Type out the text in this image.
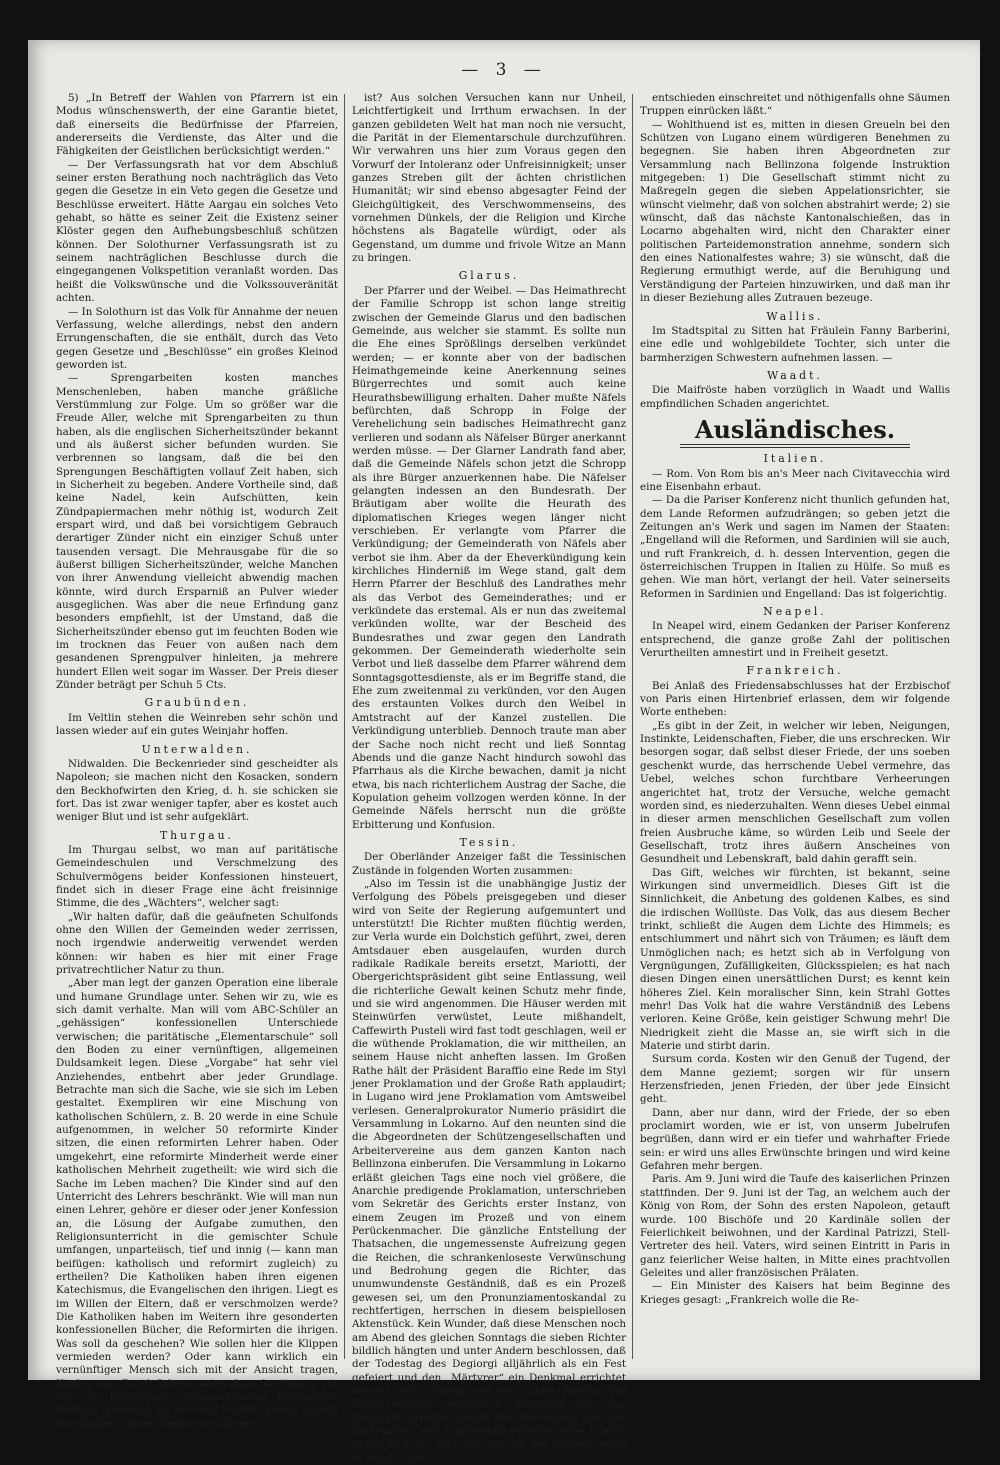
— 3 —

5) „In Betreff der Wahlen von Pfarrern ist ein Modus wünschenswerth, der eine Garantie bietet, daß einerseits die Bedürfnisse der Pfarreien, andererseits die Verdienste, das Alter und die Fähigkeiten der Geistlichen berücksichtigt werden.“

— Der Verfassungsrath hat vor dem Abschluß seiner ersten Berathung noch nachträglich das Veto gegen die Gesetze in ein Veto gegen die Gesetze und Beschlüsse erweitert. Hätte Aargau ein solches Veto gehabt, so hätte es seiner Zeit die Existenz seiner Klöster gegen den Aufhebungsbeschluß schützen können. Der Solothurner Verfassungsrath ist zu seinem nachträglichen Beschlusse durch die eingegangenen Volkspetition veranlaßt worden. Das heißt die Volkswünsche und die Volkssouveränität achten.

— In Solothurn ist das Volk für Annahme der neuen Verfassung, welche allerdings, nebst den andern Errungenschaften, die sie enthält, durch das Veto gegen Gesetze und „Beschlüsse“ ein großes Kleinod geworden ist.

— Sprengarbeiten kosten manches Menschenleben, haben manche gräßliche Verstümmlung zur Folge. Um so größer war die Freude Aller, welche mit Sprengarbeiten zu thun haben, als die englischen Sicherheitszünder bekannt und als äußerst sicher befunden wurden. Sie verbrennen so langsam, daß die bei den Sprengungen Beschäftigten vollauf Zeit haben, sich in Sicherheit zu begeben. Andere Vortheile sind, daß keine Nadel, kein Aufschütten, kein Zündpapiermachen mehr nöthig ist, wodurch Zeit erspart wird, und daß bei vorsichtigem Gebrauch derartiger Zünder nicht ein einziger Schuß unter tausenden versagt. Die Mehrausgabe für die so äußerst billigen Sicherheitszünder, welche Manchen von ihrer Anwendung vielleicht abwendig machen könnte, wird durch Ersparniß an Pulver wieder ausgeglichen. Was aber die neue Erfindung ganz besonders empfiehlt, ist der Umstand, daß die Sicherheitszünder ebenso gut im feuchten Boden wie im trocknen das Feuer von außen nach dem gesandenen Sprengpulver hinleiten, ja mehrere hundert Ellen weit sogar im Wasser. Der Preis dieser Zünder beträgt per Schuh 5 Cts.

Graubünden.

Im Veltlin stehen die Weinreben sehr schön und lassen wieder auf ein gutes Weinjahr hoffen.

Unterwalden.

Nidwalden. Die Beckenrieder sind gescheidter als Napoleon; sie machen nicht den Kosacken, sondern den Beckhofwirten den Krieg, d. h. sie schicken sie fort. Das ist zwar weniger tapfer, aber es kostet auch weniger Blut und ist sehr aufgeklärt.

Thurgau.

Im Thurgau selbst, wo man auf paritätische Gemeindeschulen und Verschmelzung des Schulvermögens beider Konfessionen hinsteuert, findet sich in dieser Frage eine ächt freisinnige Stimme, die des „Wächters“, welcher sagt:

„Wir halten dafür, daß die geäufneten Schulfonds ohne den Willen der Gemeinden weder zerrissen, noch irgendwie anderweitig verwendet werden können: wir haben es hier mit einer Frage privatrechtlicher Natur zu thun.

„Aber man legt der ganzen Operation eine liberale und humane Grundlage unter. Sehen wir zu, wie es sich damit verhalte. Man will vom ABC-Schüler an „gehässigen“ konfessionellen Unterschiede verwischen; die paritätische „Elementarschule“ soll den Boden zu einer vernünftigen, allgemeinen Duldsamkeit legen. Diese „Vorgabe“ hat sehr viel Anziehendes, entbehrt aber jeder Grundlage. Betrachte man sich die Sache, wie sie sich im Leben gestaltet. Exempliren wir eine Mischung von katholischen Schülern, z. B. 20 werde in eine Schule aufgenommen, in welcher 50 reformirte Kinder sitzen, die einen reformirten Lehrer haben. Oder umgekehrt, eine reformirte Minderheit werde einer katholischen Mehrheit zugetheilt: wie wird sich die Sache im Leben machen? Die Kinder sind auf den Unterricht des Lehrers beschränkt. Wie will man nun einen Lehrer, gehöre er dieser oder jener Konfession an, die Lösung der Aufgabe zumuthen, den Religionsunterricht in die gemischter Schule umfangen, unparteiisch, tief und innig (— kann man beifügen: katholisch und reformirt zugleich) zu ertheilen? Die Katholiken haben ihren eigenen Katechismus, die Evangelischen den ihrigen. Liegt es im Willen der Eltern, daß er verschmolzen werde? Die Katholiken haben im Weitern ihre gesonderten konfessionellen Bücher, die Reformirten die ihrigen. Was soll da geschehen? Wie sollen hier die Klippen vermieden werden? Oder kann wirklich ein vernünftiger Mensch sich mit der Ansicht tragen, Kinder von 7—10 Jahren seien dazu bestimmt, mit der die Konfession verschmelzenden Philosophie vertraut gemacht zu werden; Kinder, deren Wissen ein Glauben, deren Denken ein Ahnen

ist? Aus solchen Versuchen kann nur Unheil, Leichtfertigkeit und Irrthum erwachsen. In der ganzen gebildeten Welt hat man noch nie versucht, die Parität in der Elementarschule durchzuführen. Wir verwahren uns hier zum Voraus gegen den Vorwurf der Intoleranz oder Unfreisinnigkeit; unser ganzes Streben gilt der ächten christlichen Humanität; wir sind ebenso abgesagter Feind der Gleichgültigkeit, des Verschwommenseins, des vornehmen Dünkels, der die Religion und Kirche höchstens als Bagatelle würdigt, oder als Gegenstand, um dumme und frivole Witze an Mann zu bringen.

Glarus.

Der Pfarrer und der Weibel. — Das Heimathrecht der Familie Schropp ist schon lange streitig zwischen der Gemeinde Glarus und den badischen Gemeinde, aus welcher sie stammt. Es sollte nun die Ehe eines Sprößlings derselben verkündet werden; — er konnte aber von der badischen Heimathgemeinde keine Anerkennung seines Bürgerrechtes und somit auch keine Heurathsbewilligung erhalten. Daher mußte Näfels befürchten, daß Schropp in Folge der Verehelichung sein badisches Heimathrecht ganz verlieren und sodann als Näfelser Bürger anerkannt werden müsse. — Der Glarner Landrath fand aber, daß die Gemeinde Näfels schon jetzt die Schropp als ihre Bürger anzuerkennen habe. Die Näfelser gelangten indessen an den Bundesrath. Der Bräutigam aber wollte die Heurath des diplomatischen Krieges wegen länger nicht verschieben. Er verlangte vom Pfarrer die Verkündigung; der Gemeinderath von Näfels aber verbot sie ihm. Aber da der Eheverkündigung kein kirchliches Hinderniß im Wege stand, galt dem Herrn Pfarrer der Beschluß des Landrathes mehr als das Verbot des Gemeinderathes; und er verkündete das erstemal. Als er nun das zweitemal verkünden wollte, war der Bescheid des Bundesrathes und zwar gegen den Landrath gekommen. Der Gemeinderath wiederholte sein Verbot und ließ dasselbe dem Pfarrer während dem Sonntagsgottesdienste, als er im Begriffe stand, die Ehe zum zweitenmal zu verkünden, vor den Augen des erstaunten Volkes durch den Weibel in Amtstracht auf der Kanzel zustellen. Die Verkündigung unterblieb. Dennoch traute man aber der Sache noch nicht recht und ließ Sonntag Abends und die ganze Nacht hindurch sowohl das Pfarrhaus als die Kirche bewachen, damit ja nicht etwa, bis nach richterlichem Austrag der Sache, die Kopulation geheim vollzogen werden könne. In der Gemeinde Näfels herrscht nun die größte Erbitterung und Konfusion.

Tessin.

Der Oberländer Anzeiger faßt die Tessinischen Zustände in folgenden Worten zusammen:

„Also im Tessin ist die unabhängige Justiz der Verfolgung des Pöbels preisgegeben und dieser wird von Seite der Regierung aufgemuntert und unterstützt! Die Richter mußten flüchtig werden, zur Verla wurde ein Dolchstich geführt, zwei, deren Amtsdauer eben ausgelaufen, wurden durch radikale Radikale bereits ersetzt, Mariotti, der Obergerichtspräsident gibt seine Entlassung, weil die richterliche Gewalt keinen Schutz mehr finde, und sie wird angenommen. Die Häuser werden mit Steinwürfen verwüstet, Leute mißhandelt, Caffewirth Pusteli wird fast todt geschlagen, weil er die wüthende Proklamation, die wir mittheilen, an seinem Hause nicht anheften lassen. Im Großen Rathe hält der Präsident Baraffio eine Rede im Styl jener Proklamation und der Große Rath applaudirt; in Lugano wird jene Proklamation vom Amtsweibel verlesen. Generalprokurator Numerio präsidirt die Versammlung in Lokarno. Auf den neunten sind die die Abgeordneten der Schützengesellschaften und Arbeitervereine aus dem ganzen Kanton nach Bellinzona einberufen. Die Versammlung in Lokarno erläßt gleichen Tags eine noch viel größere, die Anarchie predigende Proklamation, unterschrieben vom Sekretär des Gerichts erster Instanz, von einem Zeugen im Prozeß und von einem Perückenmacher. Die gänzliche Entstellung der Thatsachen, die ungemessenste Aufreizung gegen die Reichen, die schrankenloseste Verwünschung und Bedrohung gegen die Richter, das unumwundenste Geständniß, daß es ein Prozeß gewesen sei, um den Pronunziamentoskandal zu rechtfertigen, herrschen in diesem beispiellosen Aktenstück. Kein Wunder, daß diese Menschen noch am Abend des gleichen Sonntags die sieben Richter bildlich hängten und unter Andern beschlossen, daß der Todestag des Degiorgi alljährlich als ein Fest gefeiert und den „Märtyrer“ ein Denkmal errichtet werden soll! Zudem wir hier, ohne Zweifel der Bundesbehörde bekannten Vorgänge vor das Publikum bringen, sagen wir deutlicher, daß wir dafürhalten, der Bundesrath verletze seine Pflicht, gefährde seine Stellung und die des Landes, wenn er nicht sofort

entschieden einschreitet und nöthigenfalls ohne Säumen Truppen einrücken läßt.“

— Wohlthuend ist es, mitten in diesen Greueln bei den Schützen von Lugano einem würdigeren Benehmen zu begegnen. Sie haben ihren Abgeordneten zur Versammlung nach Bellinzona folgende Instruktion mitgegeben: 1) Die Gesellschaft stimmt nicht zu Maßregeln gegen die sieben Appelationsrichter, sie wünscht vielmehr, daß von solchen abstrahirt werde; 2) sie wünscht, daß das nächste Kantonalschießen, das in Locarno abgehalten wird, nicht den Charakter einer politischen Parteidemonstration annehme, sondern sich den eines Nationalfestes wahre; 3) sie wünscht, daß die Regierung ermuthigt werde, auf die Beruhigung und Verständigung der Parteien hinzuwirken, und daß man ihr in dieser Beziehung alles Zutrauen bezeuge.

Wallis.

Im Stadtspital zu Sitten hat Fräulein Fanny Barberini, eine edle und wohlgebildete Tochter, sich unter die barmherzigen Schwestern aufnehmen lassen. —

Waadt.

Die Maifröste haben vorzüglich in Waadt und Wallis empfindlichen Schaden angerichtet.

Ausländisches.
Italien.

— Rom. Von Rom bis an's Meer nach Civitavecchia wird eine Eisenbahn erbaut.

— Da die Pariser Konferenz nicht thunlich gefunden hat, dem Lande Reformen aufzudrängen; so geben jetzt die Zeitungen an's Werk und sagen im Namen der Staaten: „Engelland will die Reformen, und Sardinien will sie auch, und ruft Frankreich, d. h. dessen Intervention, gegen die österreichischen Truppen in Italien zu Hülfe. So muß es gehen. Wie man hört, verlangt der heil. Vater seinerseits Reformen in Sardinien und Engelland: Das ist folgerichtig.

Neapel.

In Neapel wird, einem Gedanken der Pariser Konferenz entsprechend, die ganze große Zahl der politischen Verurtheilten amnestirt und in Freiheit gesetzt.

Frankreich.

Bei Anlaß des Friedensabschlusses hat der Erzbischof von Paris einen Hirtenbrief erlassen, dem wir folgende Worte entheben:

„Es gibt in der Zeit, in welcher wir leben, Neigungen, Instinkte, Leidenschaften, Fieber, die uns erschrecken. Wir besorgen sogar, daß selbst dieser Friede, der uns soeben geschenkt wurde, das herrschende Uebel vermehre, das Uebel, welches schon furchtbare Verheerungen angerichtet hat, trotz der Versuche, welche gemacht worden sind, es niederzuhalten. Wenn dieses Uebel einmal in dieser armen menschlichen Gesellschaft zum vollen freien Ausbruche käme, so würden Leib und Seele der Gesellschaft, trotz ihres äußern Anscheines von Gesundheit und Lebenskraft, bald dahin gerafft sein.

Das Gift, welches wir fürchten, ist bekannt, seine Wirkungen sind unvermeidlich. Dieses Gift ist die Sinnlichkeit, die Anbetung des goldenen Kalbes, es sind die irdischen Wollüste. Das Volk, das aus diesem Becher trinkt, schließt die Augen dem Lichte des Himmels; es entschlummert und nährt sich von Träumen; es läuft dem Unmöglichen nach; es hetzt sich ab in Verfolgung von Vergnügungen, Zufälligkeiten, Glücksspielen; es hat nach diesen Dingen einen unersättlichen Durst; es kennt kein höheres Ziel. Kein moralischer Sinn, kein Strahl Gottes mehr! Das Volk hat die wahre Verständniß des Lebens verloren. Keine Größe, kein geistiger Schwung mehr! Die Niedrigkeit zieht die Masse an, sie wirft sich in die Materie und stirbt darin.

Sursum corda. Kosten wir den Genuß der Tugend, der dem Manne geziemt; sorgen wir für unsern Herzensfrieden, jenen Frieden, der über jede Einsicht geht.

Dann, aber nur dann, wird der Friede, der so eben proclamirt worden, wie er ist, von unserm Jubelrufen begrüßen, dann wird er ein tiefer und wahrhafter Friede sein: er wird uns alles Erwünschte bringen und wird keine Gefahren mehr bergen.

Paris. Am 9. Juni wird die Taufe des kaiserlichen Prinzen stattfinden. Der 9. Juni ist der Tag, an welchem auch der König von Rom, der Sohn des ersten Napoleon, getauft wurde. 100 Bischöfe und 20 Kardinäle sollen der Feierlichkeit beiwohnen, und der Kardinal Patrizzi, Stell-Vertreter des heil. Vaters, wird seinen Eintritt in Paris in ganz feierlicher Weise halten, in Mitte eines prachtvollen Geleites und aller französischen Prälaten.

— Ein Minister des Kaisers hat beim Beginne des Krieges gesagt: „Frankreich wolle die Re-
